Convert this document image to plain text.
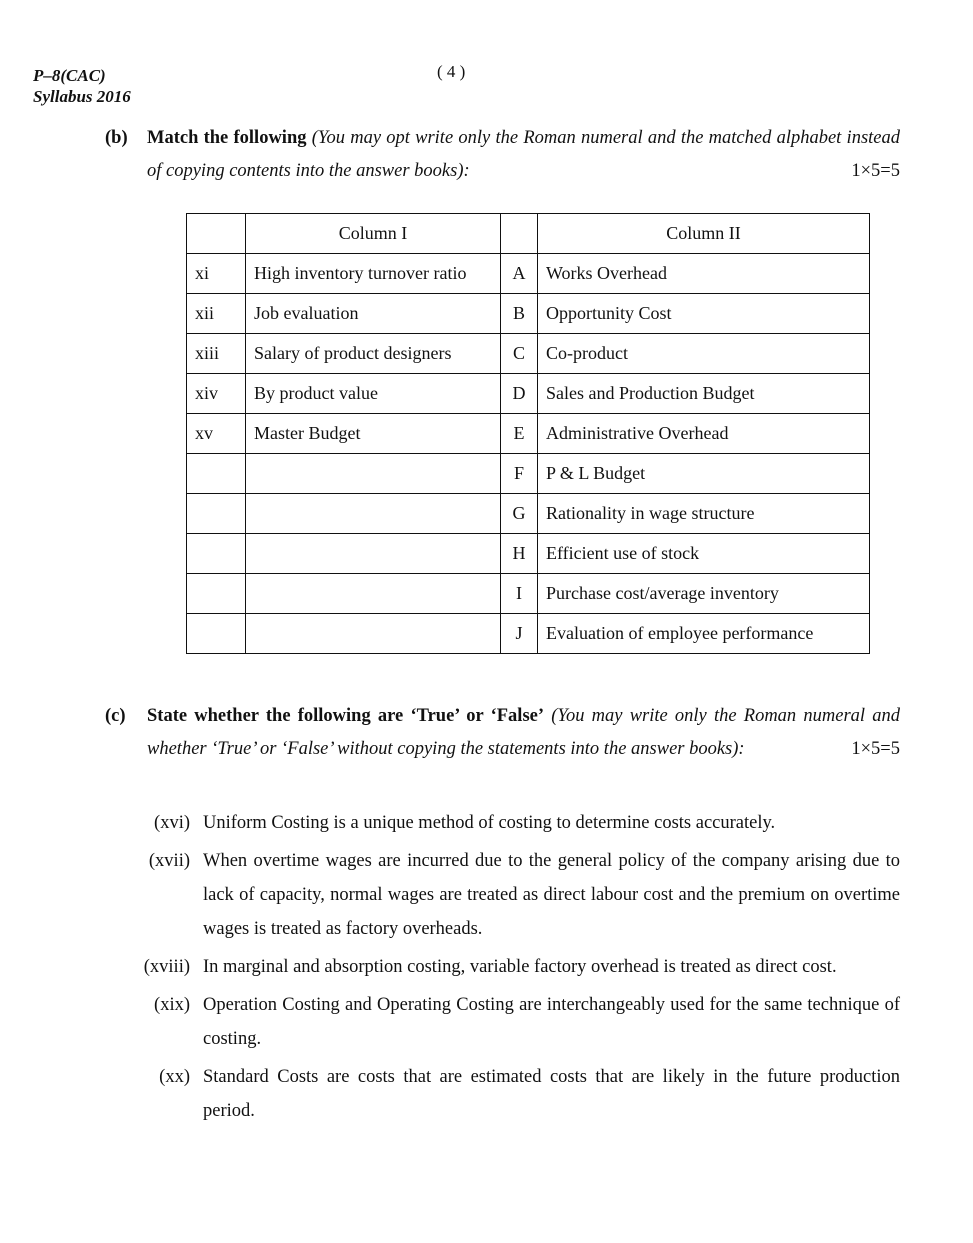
P–8(CAC)
Syllabus 2016
( 4 )
(b) Match the following (You may opt write only the Roman numeral and the matched alphabet instead of copying contents into the answer books):	1×5=5
	Column I		Column II
xi	High inventory turnover ratio	A	Works Overhead
xii	Job evaluation	B	Opportunity Cost
xiii	Salary of product designers	C	Co-product
xiv	By product value	D	Sales and Production Budget
xv	Master Budget	E	Administrative Overhead
		F	P & L Budget
		G	Rationality in wage structure
		H	Efficient use of stock
		I	Purchase cost/average inventory
		J	Evaluation of employee performance
(c) State whether the following are ‘True’ or ‘False’ (You may write only the Roman numeral and whether ‘True’ or ‘False’ without copying the statements into the answer books):	1×5=5
(xvi) Uniform Costing is a unique method of costing to determine costs accurately.
(xvii) When overtime wages are incurred due to the general policy of the company arising due to lack of capacity, normal wages are treated as direct labour cost and the premium on overtime wages is treated as factory overheads.
(xviii) In marginal and absorption costing, variable factory overhead is treated as direct cost.
(xix) Operation Costing and Operating Costing are interchangeably used for the same technique of costing.
(xx) Standard Costs are costs that are estimated costs that are likely in the future production period.
